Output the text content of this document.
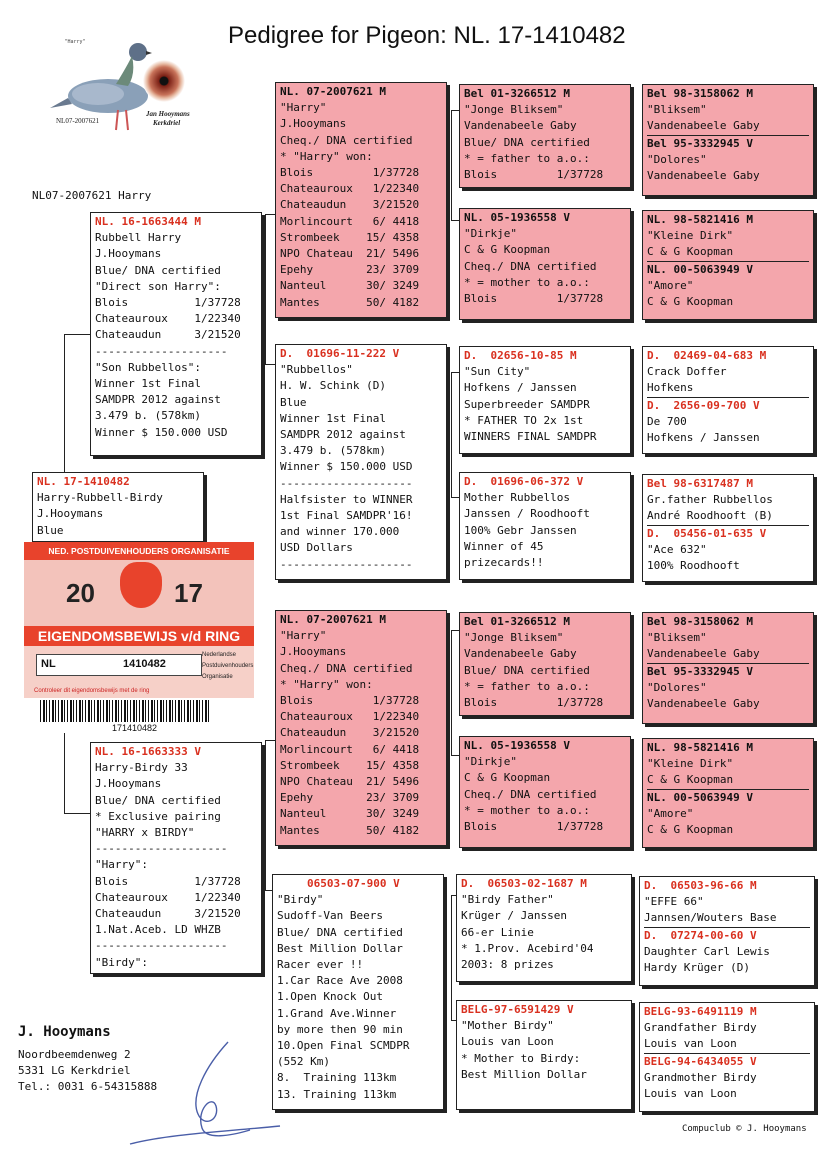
Pedigree for Pigeon: NL. 17-1410482
"Harry"
NL07-2007621
Jan Hooymans
Kerkdriel
NL07-2007621 Harry
NL. 17-1410482
Harry-Rubbell-Birdy
J.Hooymans
Blue
NED. POSTDUIVENHOUDERS ORGANISATIE
20	17
EIGENDOMSBEWIJS v/d RING
NL	1410482
Nederlandse
Postduivenhouders
Organisatie
Controleer dit eigendomsbewijs met de ring
171410482
NL. 16-1663444 M
Rubbell Harry
J.Hooymans
Blue/ DNA certified
"Direct son Harry":
Blois          1/37728
Chateauroux    1/22340
Chateaudun     3/21520
--------------------
"Son Rubbellos":
Winner 1st Final
SAMDPR 2012 against
3.479 b. (578km)
Winner $ 150.000 USD
NL. 16-1663333 V
Harry-Birdy 33
J.Hooymans
Blue/ DNA certified
* Exclusive pairing
"HARRY x BIRDY"
--------------------
"Harry":
Blois          1/37728
Chateauroux    1/22340
Chateaudun     3/21520
1.Nat.Aceb. LD WHZB
--------------------
"Birdy":
NL. 07-2007621 M
"Harry"
J.Hooymans
Cheq./ DNA certified
* "Harry" won:
Blois         1/37728
Chateauroux   1/22340
Chateaudun    3/21520
Morlincourt   6/ 4418
Strombeek    15/ 4358
NPO Chateau  21/ 5496
Epehy        23/ 3709
Nanteul      30/ 3249
Mantes       50/ 4182
D.  01696-11-222 V
"Rubbellos"
H. W. Schink (D)
Blue
Winner 1st Final
SAMDPR 2012 against
3.479 b. (578km)
Winner $ 150.000 USD
--------------------
Halfsister to WINNER
1st Final SAMDPR'16!
and winner 170.000
USD Dollars
--------------------
NL. 07-2007621 M
"Harry"
J.Hooymans
Cheq./ DNA certified
* "Harry" won:
Blois         1/37728
Chateauroux   1/22340
Chateaudun    3/21520
Morlincourt   6/ 4418
Strombeek    15/ 4358
NPO Chateau  21/ 5496
Epehy        23/ 3709
Nanteul      30/ 3249
Mantes       50/ 4182
06503-07-900 V
"Birdy"
Sudoff-Van Beers
Blue/ DNA certified
Best Million Dollar
Racer ever !!
1.Car Race Ave 2008
1.Open Knock Out
1.Grand Ave.Winner
by more then 90 min
10.Open Final SCMDPR
(552 Km)
8.  Training 113km
13. Training 113km
Bel 01-3266512 M
"Jonge Bliksem"
Vandenabeele Gaby
Blue/ DNA certified
* = father to a.o.:
Blois         1/37728
NL. 05-1936558 V
"Dirkje"
C & G Koopman
Cheq./ DNA certified
* = mother to a.o.:
Blois         1/37728
D.  02656-10-85 M
"Sun City"
Hofkens / Janssen
Superbreeder SAMDPR
* FATHER TO 2x 1st
WINNERS FINAL SAMDPR
D.  01696-06-372 V
Mother Rubbellos
Janssen / Roodhooft
100% Gebr Janssen
Winner of 45
prizecards!!
Bel 01-3266512 M
"Jonge Bliksem"
Vandenabeele Gaby
Blue/ DNA certified
* = father to a.o.:
Blois         1/37728
NL. 05-1936558 V
"Dirkje"
C & G Koopman
Cheq./ DNA certified
* = mother to a.o.:
Blois         1/37728
D.  06503-02-1687 M
"Birdy Father"
Krüger / Janssen
66-er Linie
* 1.Prov. Acebird'04
2003: 8 prizes
BELG-97-6591429 V
"Mother Birdy"
Louis van Loon
* Mother to Birdy:
Best Million Dollar
Bel 98-3158062 M
"Bliksem"
Vandenabeele Gaby
Bel 95-3332945 V
"Dolores"
Vandenabeele Gaby
NL. 98-5821416 M
"Kleine Dirk"
C & G Koopman
NL. 00-5063949 V
"Amore"
C & G Koopman
D.  02469-04-683 M
Crack Doffer
Hofkens
D.  2656-09-700 V
De 700
Hofkens / Janssen
Bel 98-6317487 M
Gr.father Rubbellos
André Roodhooft (B)
D.  05456-01-635 V
"Ace 632"
100% Roodhooft
Bel 98-3158062 M
"Bliksem"
Vandenabeele Gaby
Bel 95-3332945 V
"Dolores"
Vandenabeele Gaby
NL. 98-5821416 M
"Kleine Dirk"
C & G Koopman
NL. 00-5063949 V
"Amore"
C & G Koopman
D.  06503-96-66 M
"EFFE 66"
Jannsen/Wouters Base
D.  07274-00-60 V
Daughter Carl Lewis
Hardy Krüger (D)
BELG-93-6491119 M
Grandfather Birdy
Louis van Loon
BELG-94-6434055 V
Grandmother Birdy
Louis van Loon
J. Hooymans
Noordbeemdenweg 2
5331 LG Kerkdriel
Tel.: 0031 6-54315888
Compuclub © J. Hooymans
